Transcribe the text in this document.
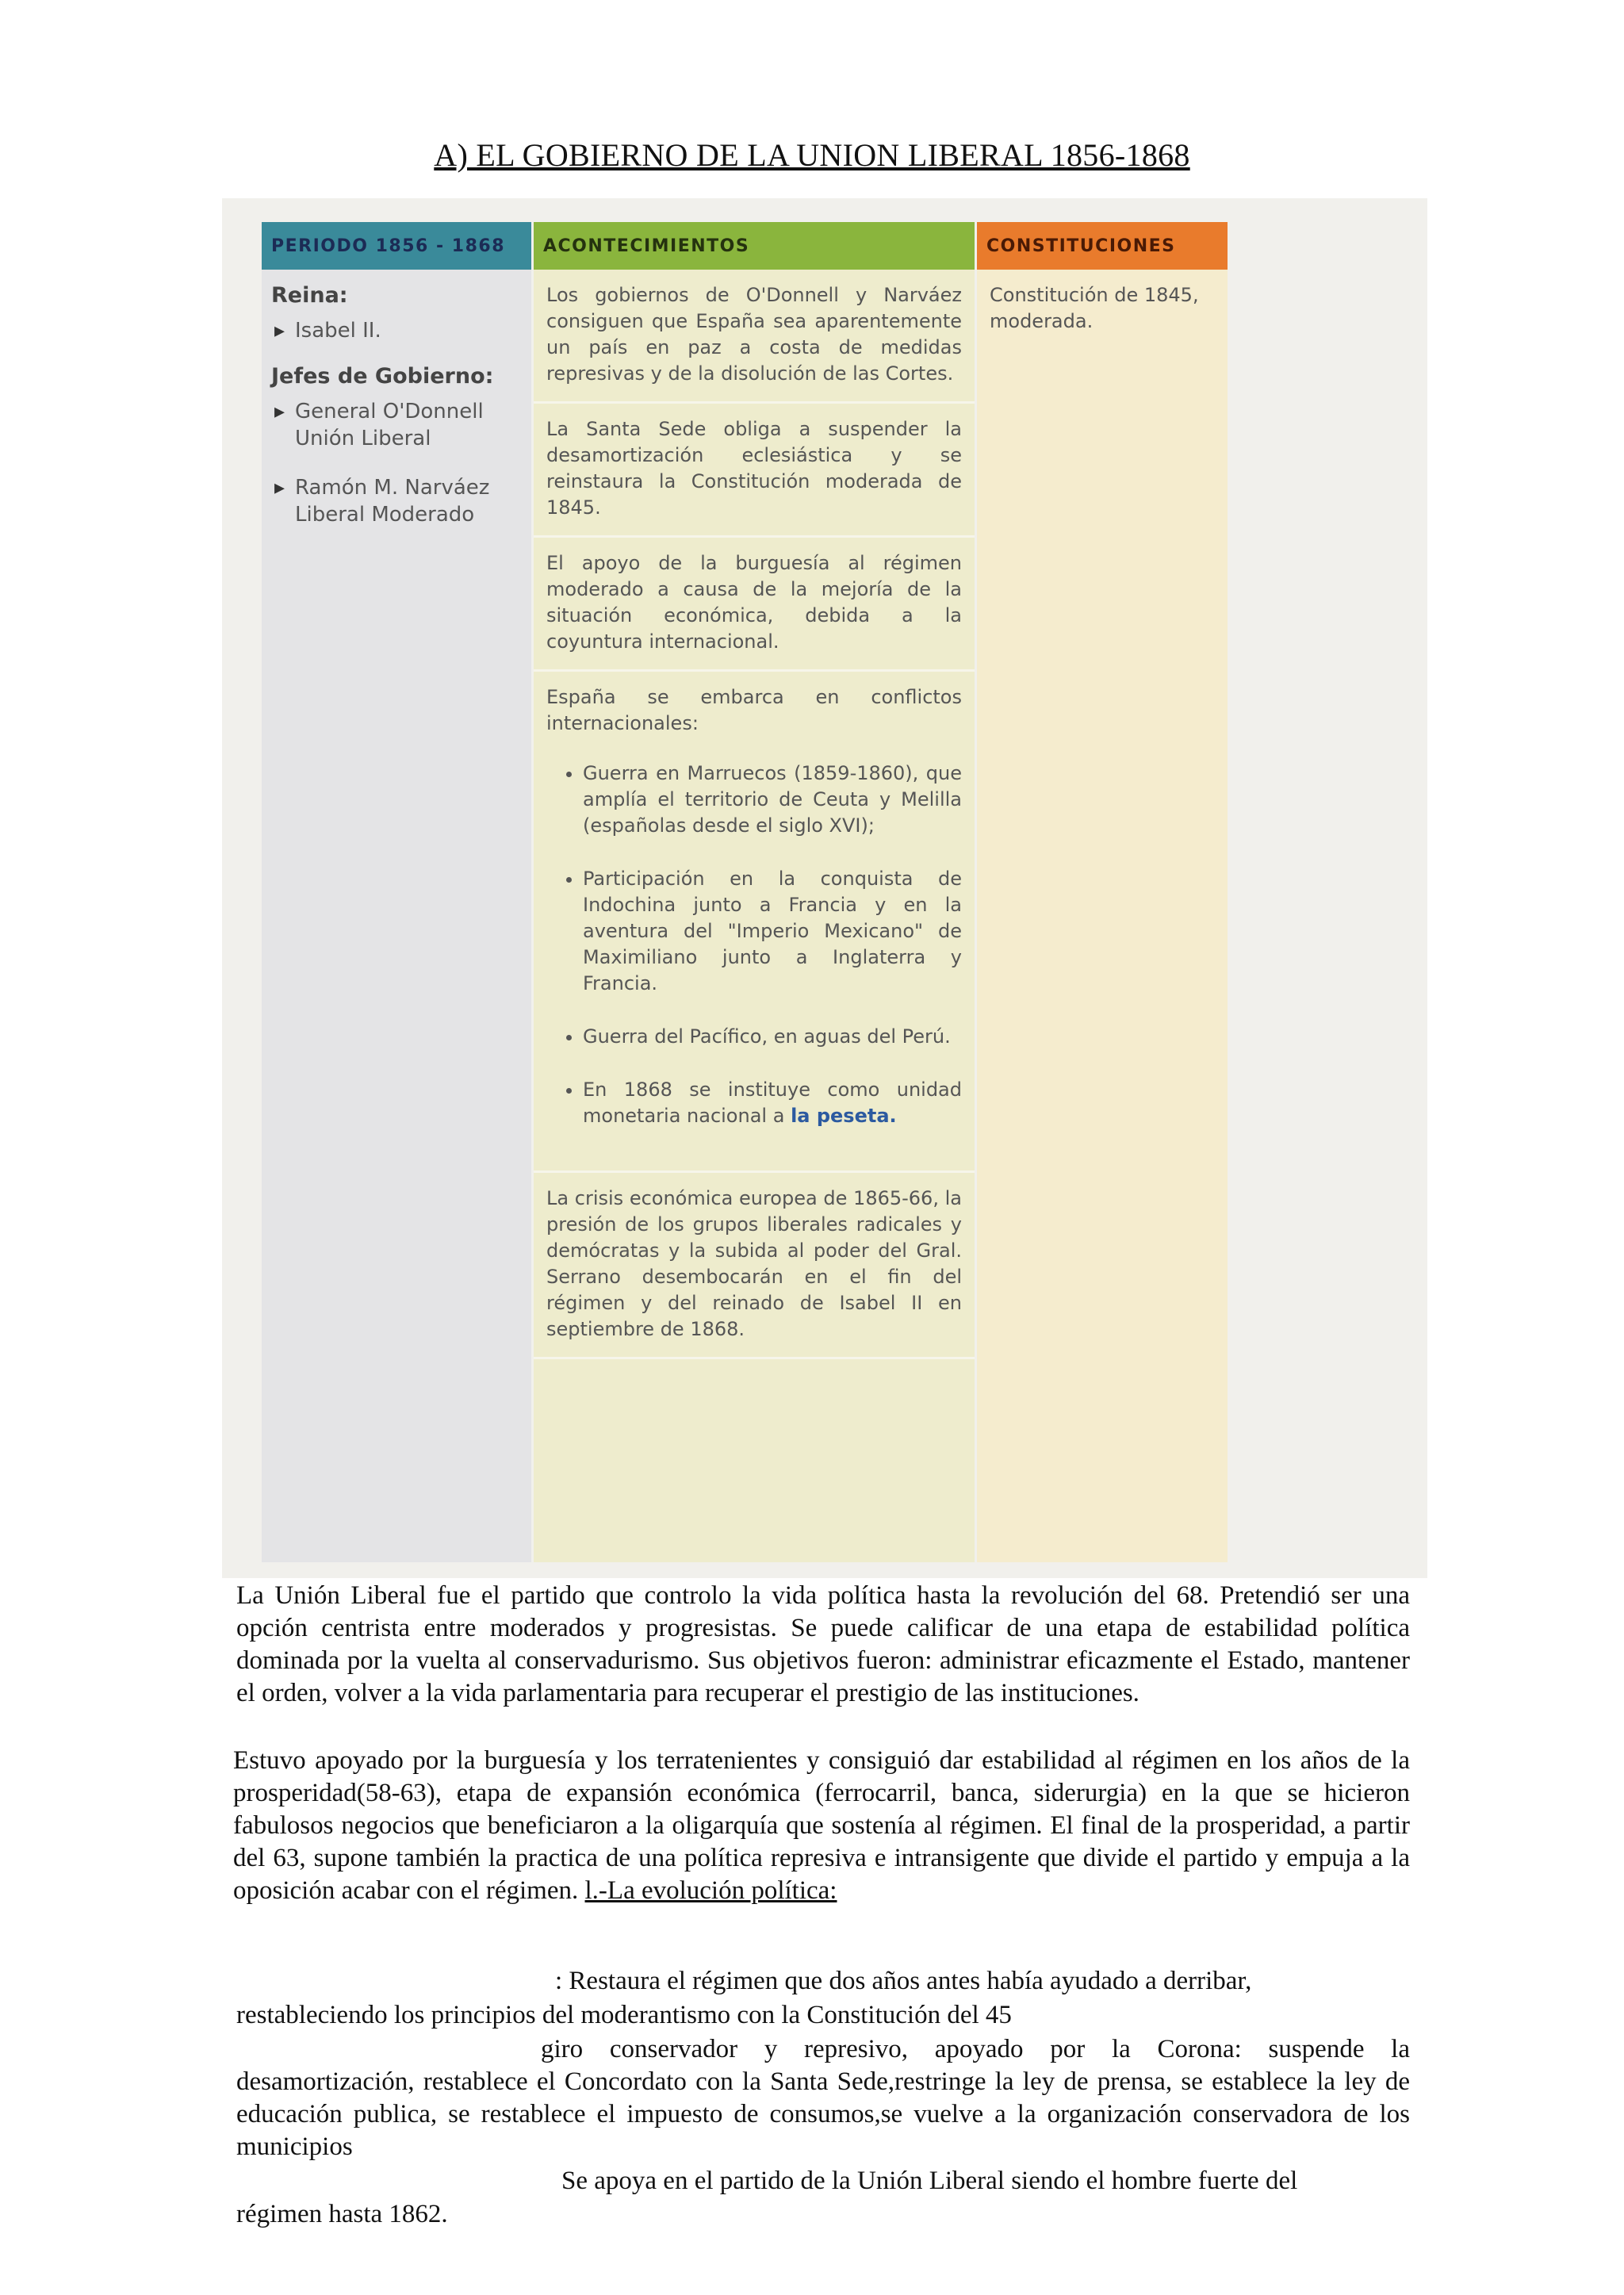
A) EL GOBIERNO DE LA UNION LIBERAL 1856-1868
PERIODO 1856 - 1868
Reina:
▸ Isabel II.
Jefes de Gobierno:
▸ General O'Donnell
Unión Liberal
▸ Ramón M. Narváez
Liberal Moderado
ACONTECIMIENTOS
Los gobiernos de O'Donnell y Narváez consiguen que España sea aparentemente un país en paz a costa de medidas represivas y de la disolución de las Cortes.
La Santa Sede obliga a suspender la desamortización eclesiástica y se reinstaura la Constitución moderada de 1845.
El apoyo de la burguesía al régimen moderado a causa de la mejoría de la situación económica, debida a la coyuntura internacional.
España se embarca en conflictos internacionales:
• Guerra en Marruecos (1859-1860), que amplía el territorio de Ceuta y Melilla (españolas desde el siglo XVI);
• Participación en la conquista de Indochina junto a Francia y en la aventura del "Imperio Mexicano" de Maximiliano junto a Inglaterra y Francia.
• Guerra del Pacífico, en aguas del Perú.
• En 1868 se instituye como unidad monetaria nacional a la peseta.
La crisis económica europea de 1865-66, la presión de los grupos liberales radicales y demócratas y la subida al poder del Gral. Serrano desembocarán en el fin del régimen y del reinado de Isabel II en septiembre de 1868.
CONSTITUCIONES
Constitución de 1845, moderada.
La Unión Liberal fue el partido que controlo la vida política hasta la revolución del 68. Pretendió ser una opción centrista entre moderados y progresistas. Se puede calificar de una etapa de estabilidad política dominada por la vuelta al conservadurismo. Sus objetivos fueron: administrar eficazmente el Estado, mantener el orden, volver a la vida parlamentaria para recuperar el prestigio de las instituciones.
Estuvo apoyado por la burguesía y los terratenientes y consiguió dar estabilidad al régimen en los años de la prosperidad(58-63), etapa de expansión económica (ferrocarril, banca, siderurgia) en la que se hicieron fabulosos negocios que beneficiaron a la oligarquía que sostenía al régimen. El final de la prosperidad, a partir del 63, supone también la practica de una política represiva e intransigente que divide el partido y empuja a la oposición acabar con el régimen. l.-La evolución política:
: Restaura el régimen que dos años antes había ayudado a derribar,
restableciendo los principios del moderantismo con la Constitución del 45
giro conservador y represivo, apoyado por la Corona: suspende la desamortización, restablece el Concordato con la Santa Sede,restringe la ley de prensa, se establece la ley de educación publica, se restablece el impuesto de consumos,se vuelve a la organización conservadora de los municipios
Se apoya en el partido de la Unión Liberal siendo el hombre fuerte del
régimen hasta 1862.
